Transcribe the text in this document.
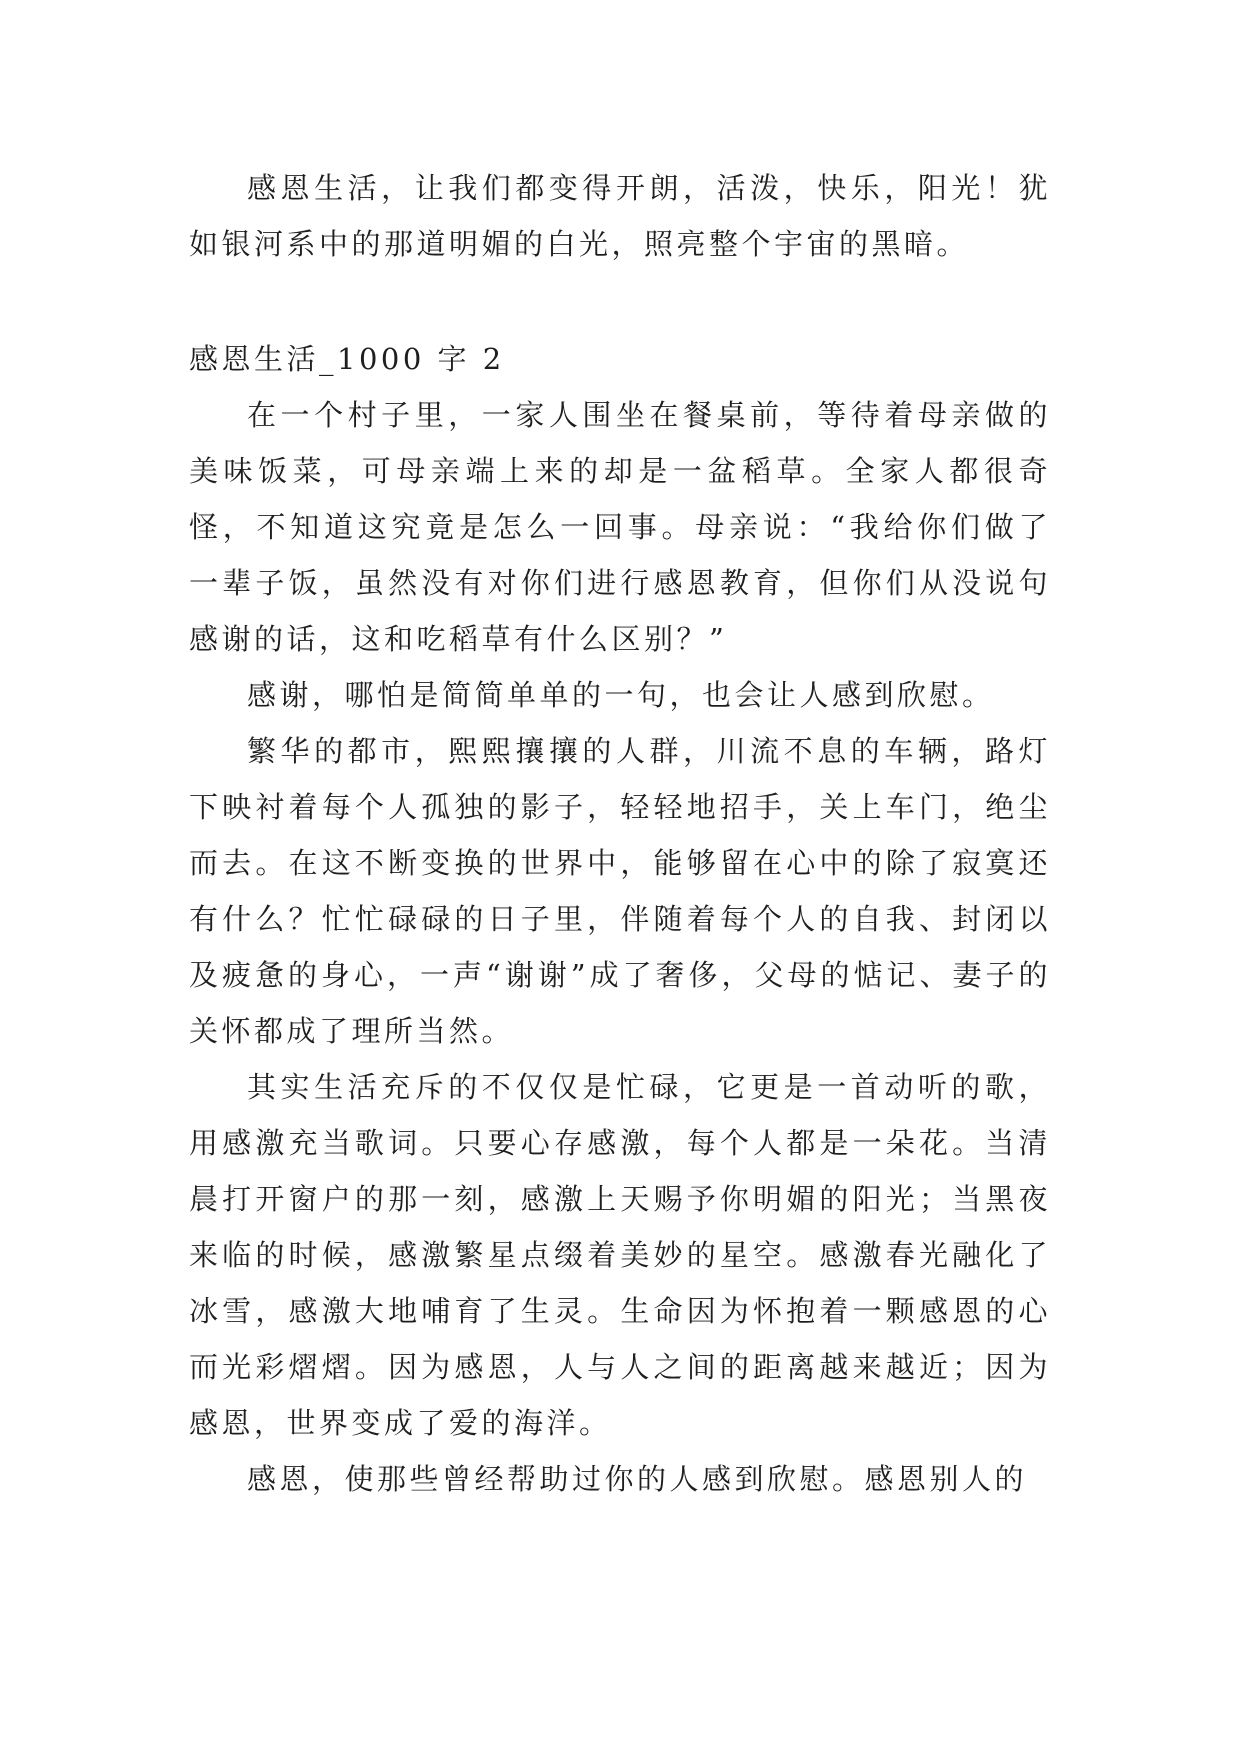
感恩生活，让我们都变得开朗，活泼，快乐，阳光！犹如银河系中的那道明媚的白光，照亮整个宇宙的黑暗。

感恩生活_1000 字 2

在一个村子里，一家人围坐在餐桌前，等待着母亲做的美味饭菜，可母亲端上来的却是一盆稻草。全家人都很奇怪，不知道这究竟是怎么一回事。母亲说：“我给你们做了一辈子饭，虽然没有对你们进行感恩教育，但你们从没说句感谢的话，这和吃稻草有什么区别？”

感谢，哪怕是简简单单的一句，也会让人感到欣慰。

繁华的都市，熙熙攘攘的人群，川流不息的车辆，路灯下映衬着每个人孤独的影子，轻轻地招手，关上车门，绝尘而去。在这不断变换的世界中，能够留在心中的除了寂寞还有什么？忙忙碌碌的日子里，伴随着每个人的自我、封闭以及疲惫的身心，一声“谢谢”成了奢侈，父母的惦记、妻子的关怀都成了理所当然。

其实生活充斥的不仅仅是忙碌，它更是一首动听的歌，用感激充当歌词。只要心存感激，每个人都是一朵花。当清晨打开窗户的那一刻，感激上天赐予你明媚的阳光；当黑夜来临的时候，感激繁星点缀着美妙的星空。感激春光融化了冰雪，感激大地哺育了生灵。生命因为怀抱着一颗感恩的心而光彩熠熠。因为感恩，人与人之间的距离越来越近；因为感恩，世界变成了爱的海洋。

感恩，使那些曾经帮助过你的人感到欣慰。感恩别人的
